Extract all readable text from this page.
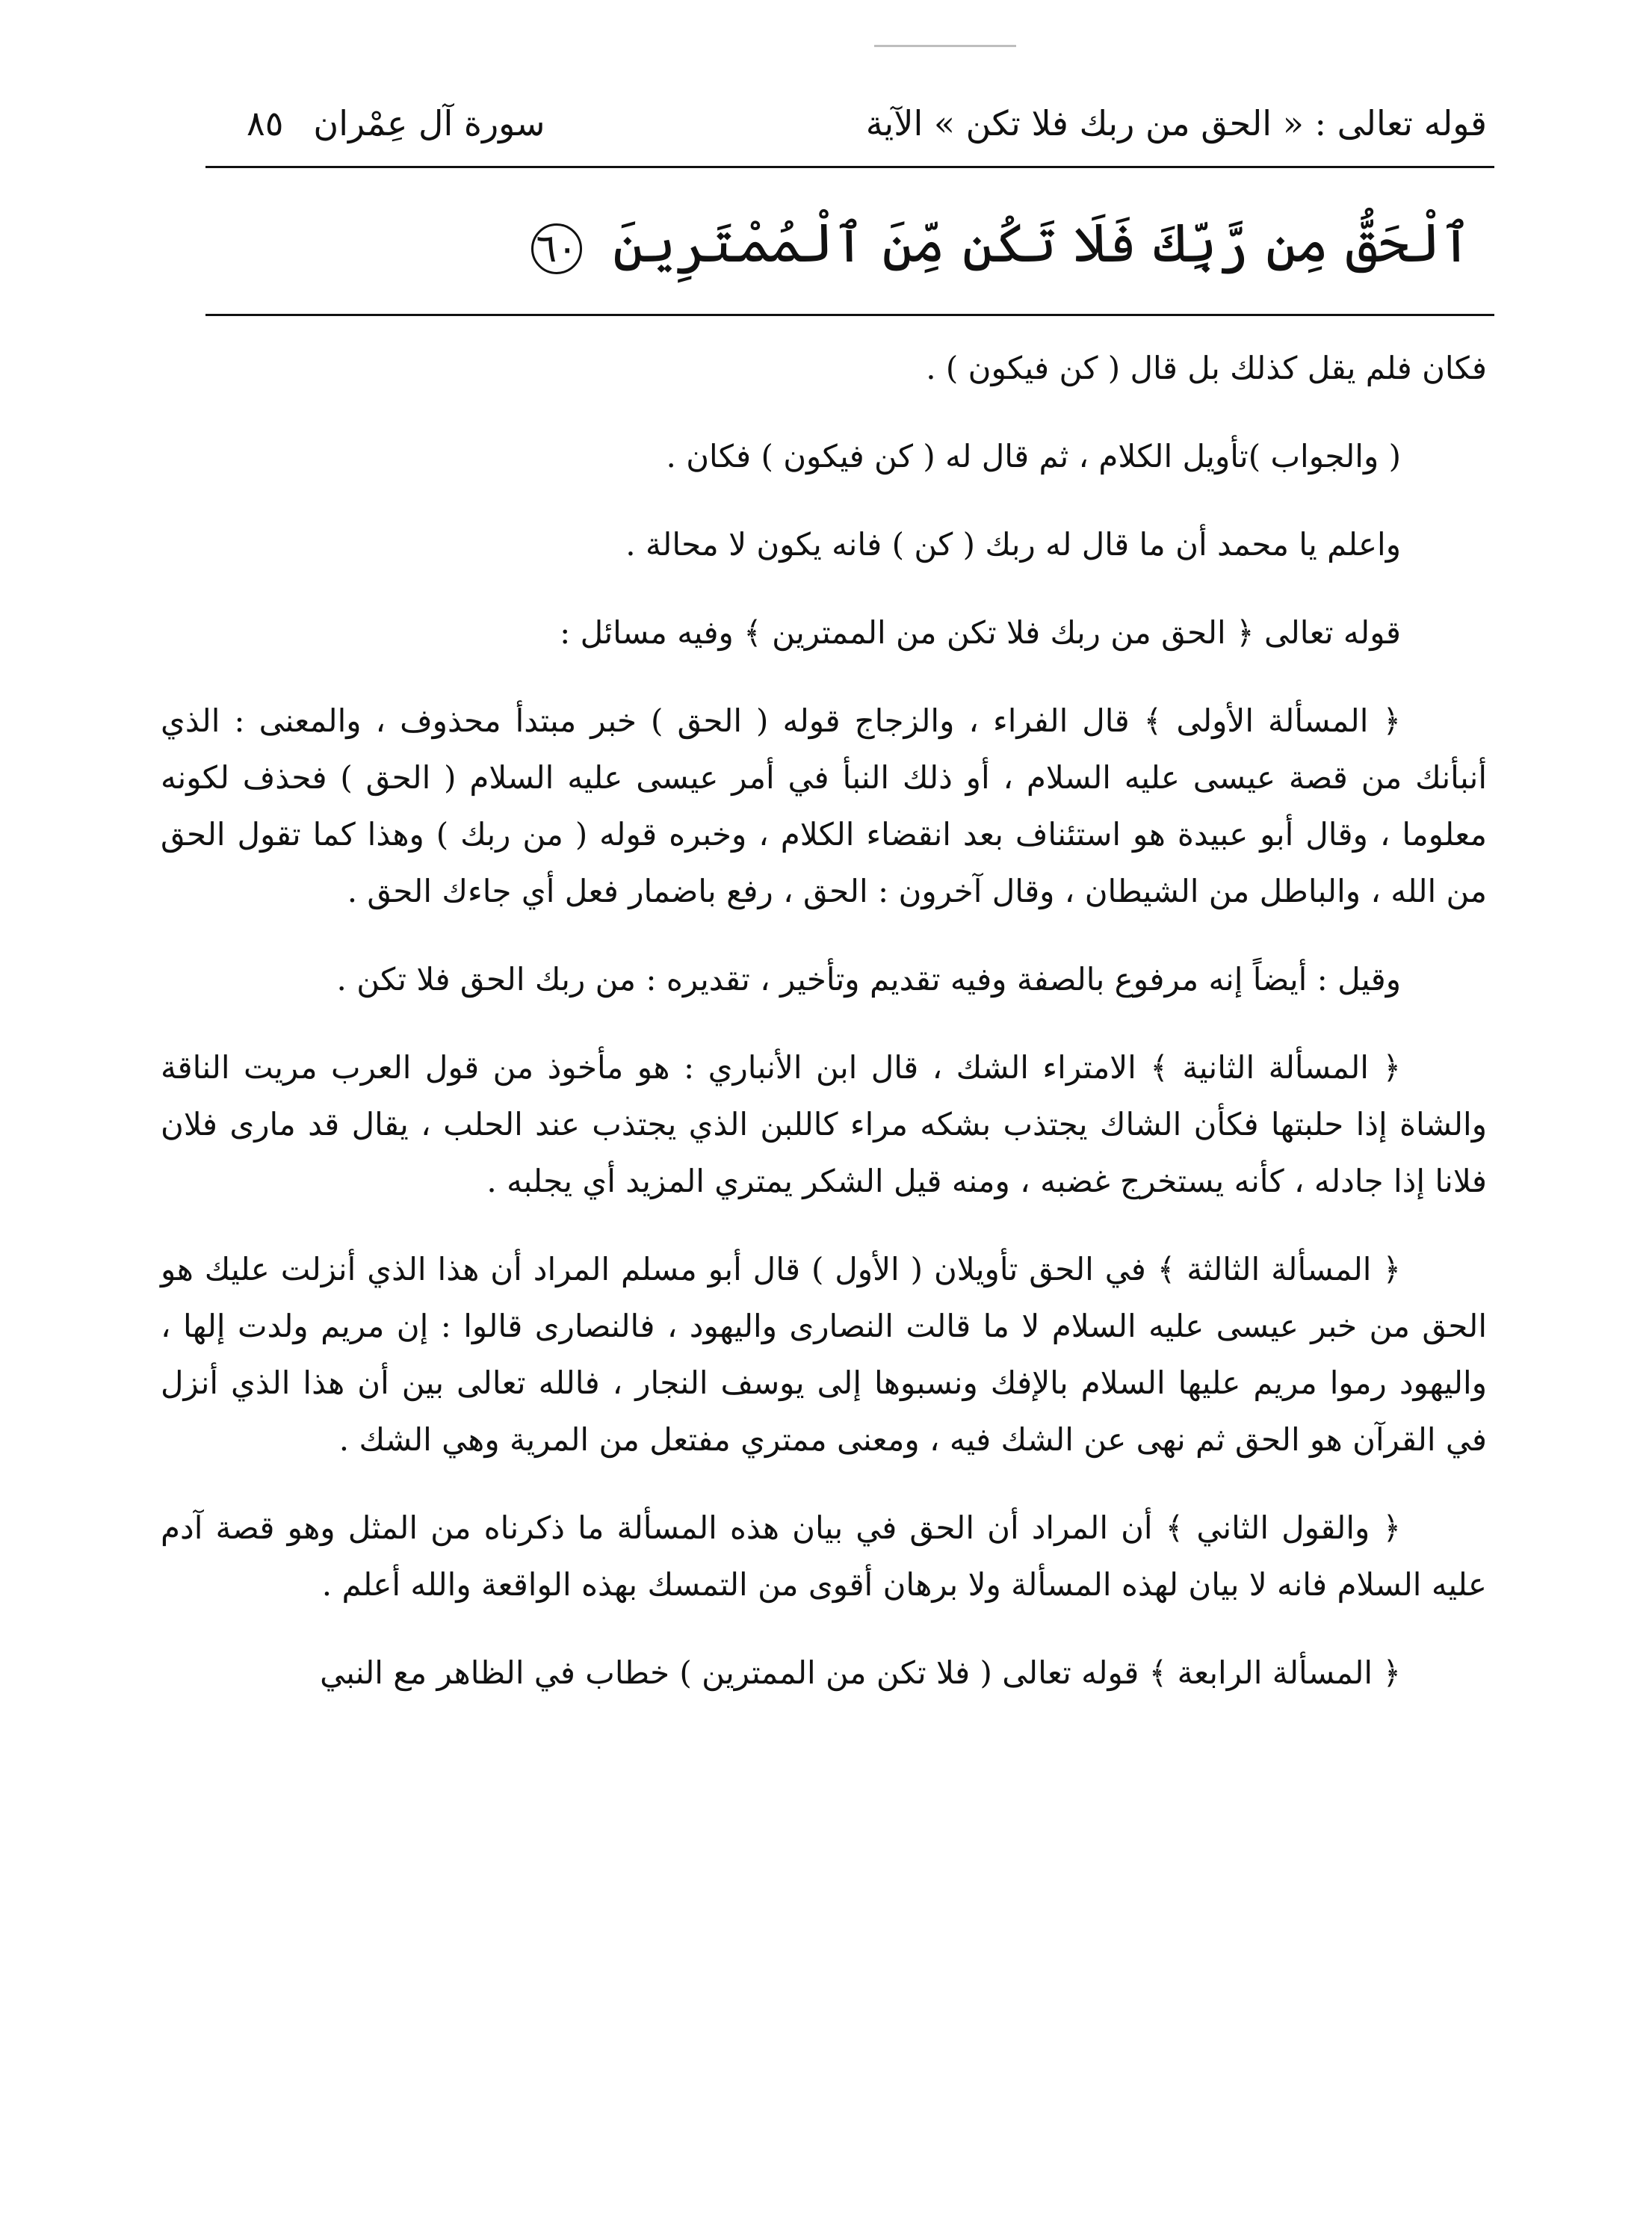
قوله تعالى : « الحق من ربك فلا تكن » الآية
سورة آل عِمْران
٨٥
ٱلْحَقُّ مِن رَّبِّكَ فَلَا تَكُن مِّنَ ٱلْمُمْتَرِينَ ٦٠

فكان فلم يقل كذلك بل قال ( كن فيكون ) .

( والجواب )تأويل الكلام ، ثم قال له ( كن فيكون ) فكان .

واعلم يا محمد أن ما قال له ربك ( كن ) فانه يكون لا محالة .

قوله تعالى ﴿ الحق من ربك فلا تكن من الممترين ﴾ وفيه مسائل :

﴿ المسألة الأولى ﴾ قال الفراء ، والزجاج قوله ( الحق ) خبر مبتدأ محذوف ، والمعنى : الذي أنبأنك من قصة عيسى عليه السلام ، أو ذلك النبأ في أمر عيسى عليه السلام ( الحق ) فحذف لكونه معلوما ، وقال أبو عبيدة هو استئناف بعد انقضاء الكلام ، وخبره قوله ( من ربك ) وهذا كما تقول الحق من الله ، والباطل من الشيطان ، وقال آخرون : الحق ، رفع باضمار فعل أي جاءك الحق .

وقيل : أيضاً إنه مرفوع بالصفة وفيه تقديم وتأخير ، تقديره : من ربك الحق فلا تكن .

﴿ المسألة الثانية ﴾ الامتراء الشك ، قال ابن الأنباري : هو مأخوذ من قول العرب مريت الناقة والشاة إذا حلبتها فكأن الشاك يجتذب بشكه مراء كاللبن الذي يجتذب عند الحلب ، يقال قد مارى فلان فلانا إذا جادله ، كأنه يستخرج غضبه ، ومنه قيل الشكر يمتري المزيد أي يجلبه .

﴿ المسألة الثالثة ﴾ في الحق تأويلان ( الأول ) قال أبو مسلم المراد أن هذا الذي أنزلت عليك هو الحق من خبر عيسى عليه السلام لا ما قالت النصارى واليهود ، فالنصارى قالوا : إن مريم ولدت إلها ، واليهود رموا مريم عليها السلام بالإفك ونسبوها إلى يوسف النجار ، فالله تعالى بين أن هذا الذي أنزل في القرآن هو الحق ثم نهى عن الشك فيه ، ومعنى ممتري مفتعل من المرية وهي الشك .

﴿ والقول الثاني ﴾ أن المراد أن الحق في بيان هذه المسألة ما ذكرناه من المثل وهو قصة آدم عليه السلام فانه لا بيان لهذه المسألة ولا برهان أقوى من التمسك بهذه الواقعة والله أعلم .

﴿ المسألة الرابعة ﴾ قوله تعالى ( فلا تكن من الممترين ) خطاب في الظاهر مع النبي
